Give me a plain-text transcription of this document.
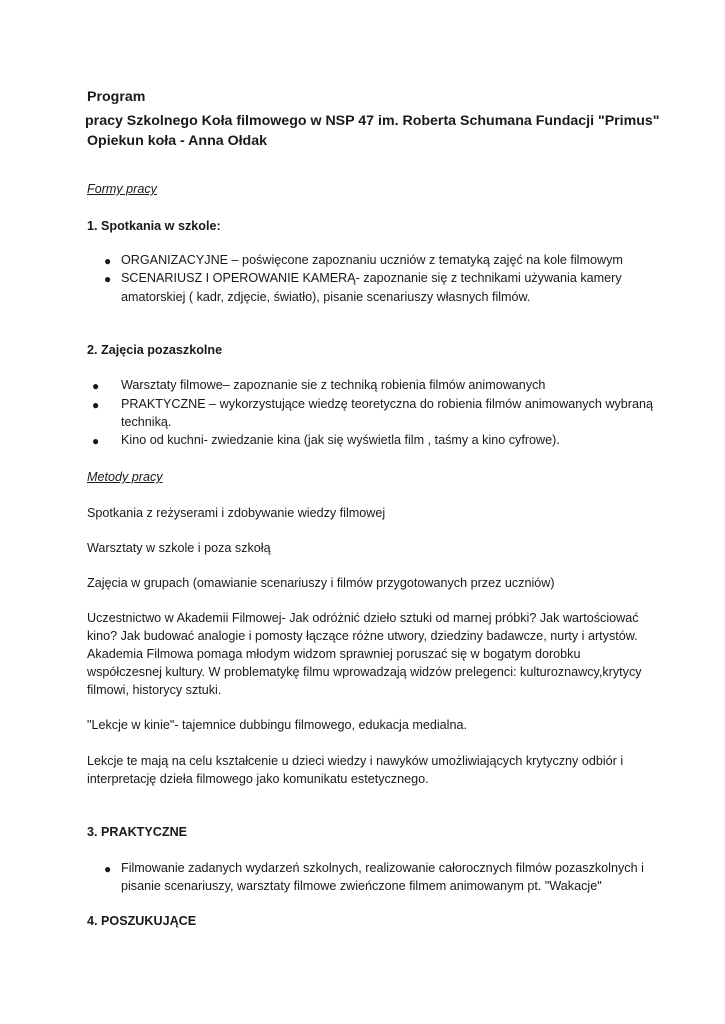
Program
pracy Szkolnego Koła filmowego w NSP 47 im. Roberta Schumana Fundacji "Primus"
Opiekun koła - Anna Ołdak
Formy pracy
1. Spotkania w szkole:
● ORGANIZACYJNE – poświęcone zapoznaniu uczniów z tematyką zajęć na kole filmowym
● SCENARIUSZ I OPEROWANIE KAMERĄ- zapoznanie się z technikami używania kamery
amatorskiej ( kadr, zdjęcie, światło), pisanie scenariuszy własnych filmów.
2. Zajęcia pozaszkolne
● Warsztaty filmowe– zapoznanie sie z techniką robienia filmów animowanych
● PRAKTYCZNE – wykorzystujące wiedzę teoretyczna do robienia filmów animowanych wybraną
techniką.
● Kino od kuchni- zwiedzanie kina (jak się wyświetla film , taśmy a kino cyfrowe).
Metody pracy
Spotkania z reżyserami i zdobywanie wiedzy filmowej
Warsztaty w szkole i poza szkołą
Zajęcia w grupach (omawianie scenariuszy i filmów przygotowanych przez uczniów)
Uczestnictwo w Akademii Filmowej- Jak odróżnić dzieło sztuki od marnej próbki? Jak wartościować
kino? Jak budować analogie i pomosty łączące różne utwory, dziedziny badawcze, nurty i artystów.
Akademia Filmowa pomaga młodym widzom sprawniej poruszać się w bogatym dorobku
współczesnej kultury. W problematykę filmu wprowadzają widzów prelegenci: kulturoznawcy,krytycy
filmowi, historycy sztuki.
"Lekcje w kinie"- tajemnice dubbingu filmowego, edukacja medialna.
Lekcje te mają na celu kształcenie u dzieci wiedzy i nawyków umożliwiających krytyczny odbiór i
interpretację dzieła filmowego jako komunikatu estetycznego.
3. PRAKTYCZNE
● Filmowanie zadanych wydarzeń szkolnych, realizowanie całorocznych filmów pozaszkolnych i
pisanie scenariuszy, warsztaty filmowe zwieńczone filmem animowanym pt. "Wakacje"
4. POSZUKUJĄCE
